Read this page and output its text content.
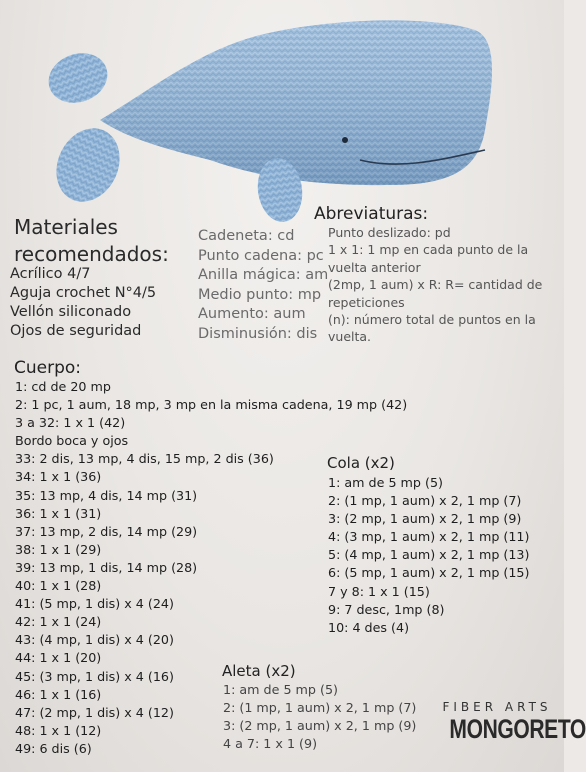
Materiales
recomendados:
Acrílico 4/7
Aguja crochet N°4/5
Vellón siliconado
Ojos de seguridad
Cadeneta: cd
Punto cadena: pc
Anilla mágica: am
Medio punto: mp
Aumento: aum
Disminusión: dis
Abreviaturas:
Punto deslizado: pd
1 x 1: 1 mp en cada punto de la
vuelta anterior
(2mp, 1 aum) x R: R= cantidad de
repeticiones
(n): número total de puntos en la
vuelta.
Cuerpo:
1: cd de 20 mp
2: 1 pc, 1 aum, 18 mp, 3 mp en la misma cadena, 19 mp (42)
3 a 32: 1 x 1 (42)
Bordo boca y ojos
33: 2 dis, 13 mp, 4 dis, 15 mp, 2 dis (36)
34: 1 x 1 (36)
35: 13 mp, 4 dis, 14 mp (31)
36: 1 x 1 (31)
37: 13 mp, 2 dis, 14 mp (29)
38: 1 x 1 (29)
39: 13 mp, 1 dis, 14 mp (28)
40: 1 x 1 (28)
41: (5 mp, 1 dis) x 4 (24)
42: 1 x 1 (24)
43: (4 mp, 1 dis) x 4 (20)
44: 1 x 1 (20)
45: (3 mp, 1 dis) x 4 (16)
46: 1 x 1 (16)
47: (2 mp, 1 dis) x 4 (12)
48: 1 x 1 (12)
49: 6 dis (6)
Cola (x2)
1: am de 5 mp (5)
2: (1 mp, 1 aum) x 2, 1 mp (7)
3: (2 mp, 1 aum) x 2, 1 mp (9)
4: (3 mp, 1 aum) x 2, 1 mp (11)
5: (4 mp, 1 aum) x 2, 1 mp (13)
6: (5 mp, 1 aum) x 2, 1 mp (15)
7 y 8: 1 x 1 (15)
9: 7 desc, 1mp (8)
10: 4 des (4)
Aleta (x2)
1: am de 5 mp (5)
2: (1 mp, 1 aum) x 2, 1 mp (7)
3: (2 mp, 1 aum) x 2, 1 mp (9)
4 a 7: 1 x 1 (9)
FIBER ARTS
MONGORETO
